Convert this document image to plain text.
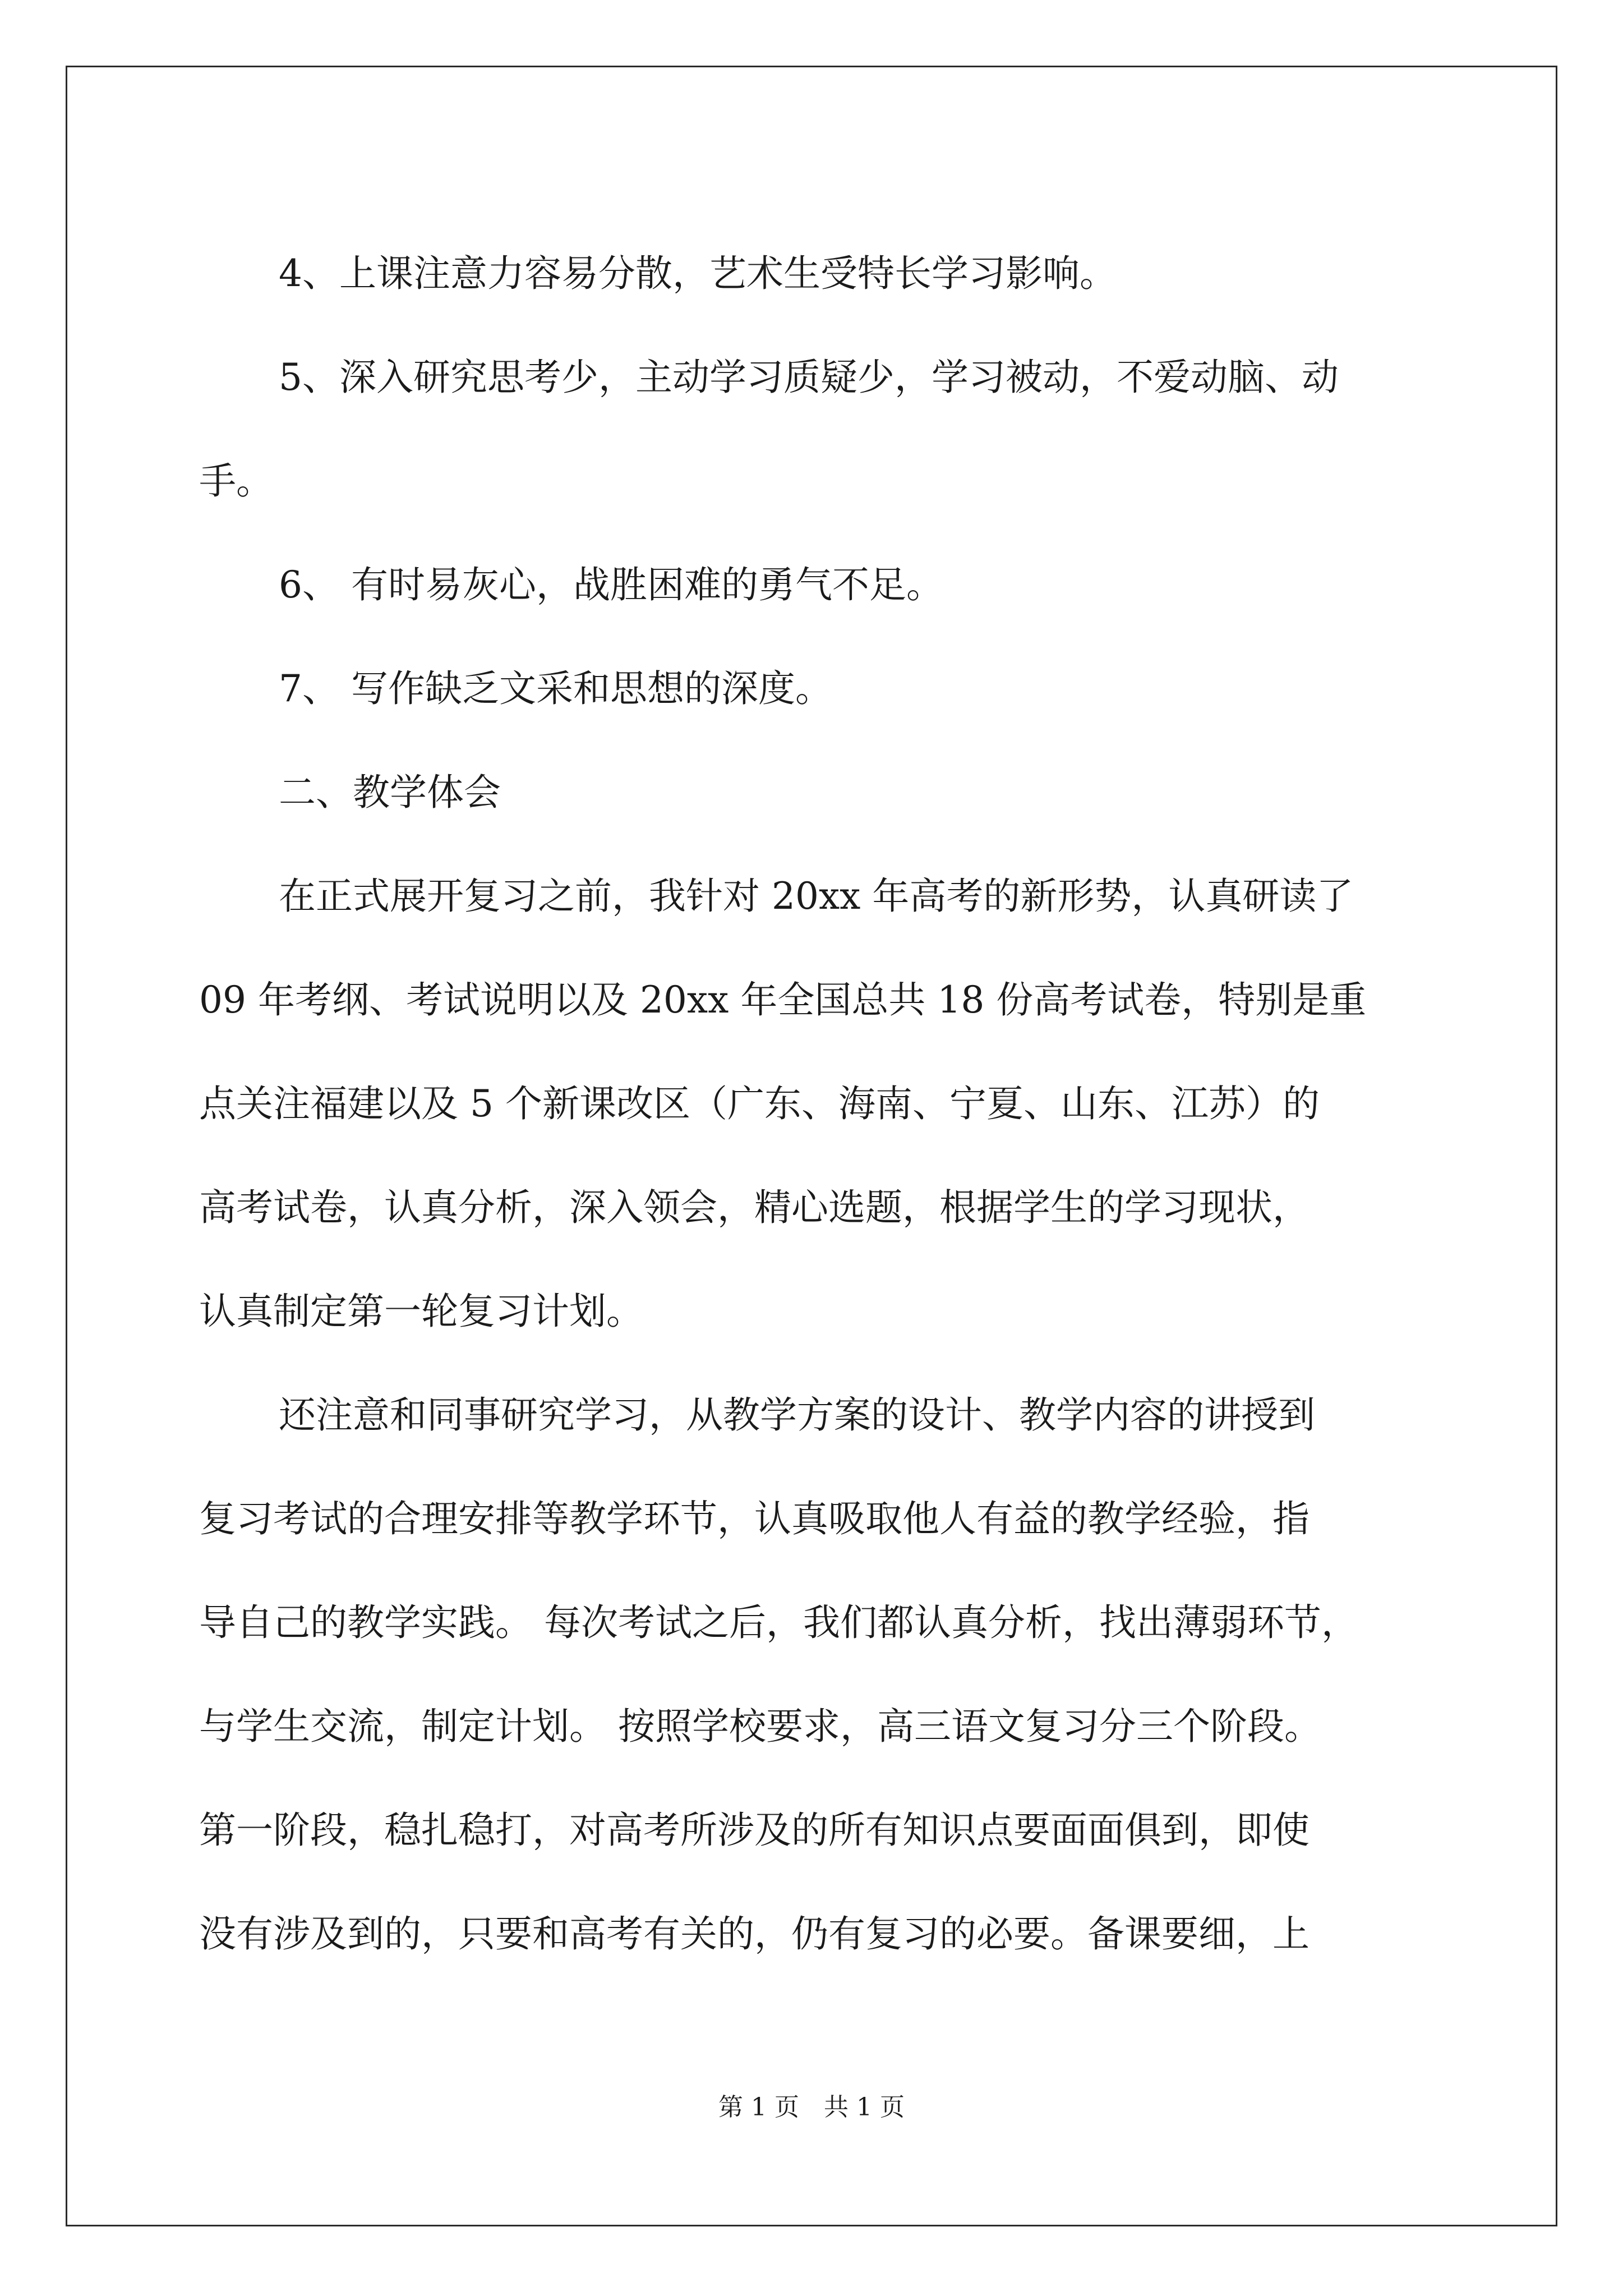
4、上课注意力容易分散，艺术生受特长学习影响。
5、深入研究思考少，主动学习质疑少，学习被动，不爱动脑、动
手。
6、 有时易灰心，战胜困难的勇气不足。
7、 写作缺乏文采和思想的深度。
二、教学体会
在正式展开复习之前，我针对 20xx 年高考的新形势，认真研读了
09 年考纲、考试说明以及 20xx 年全国总共 18 份高考试卷，特别是重
点关注福建以及 5 个新课改区（广东、海南、宁夏、山东、江苏）的
高考试卷，认真分析，深入领会，精心选题，根据学生的学习现状，
认真制定第一轮复习计划。
还注意和同事研究学习，从教学方案的设计、教学内容的讲授到
复习考试的合理安排等教学环节，认真吸取他人有益的教学经验，指
导自己的教学实践。 每次考试之后，我们都认真分析，找出薄弱环节，
与学生交流，制定计划。 按照学校要求，高三语文复习分三个阶段。
第一阶段，稳扎稳打，对高考所涉及的所有知识点要面面俱到，即使
没有涉及到的，只要和高考有关的，仍有复习的必要。备课要细，上
第 1 页　共 1 页
